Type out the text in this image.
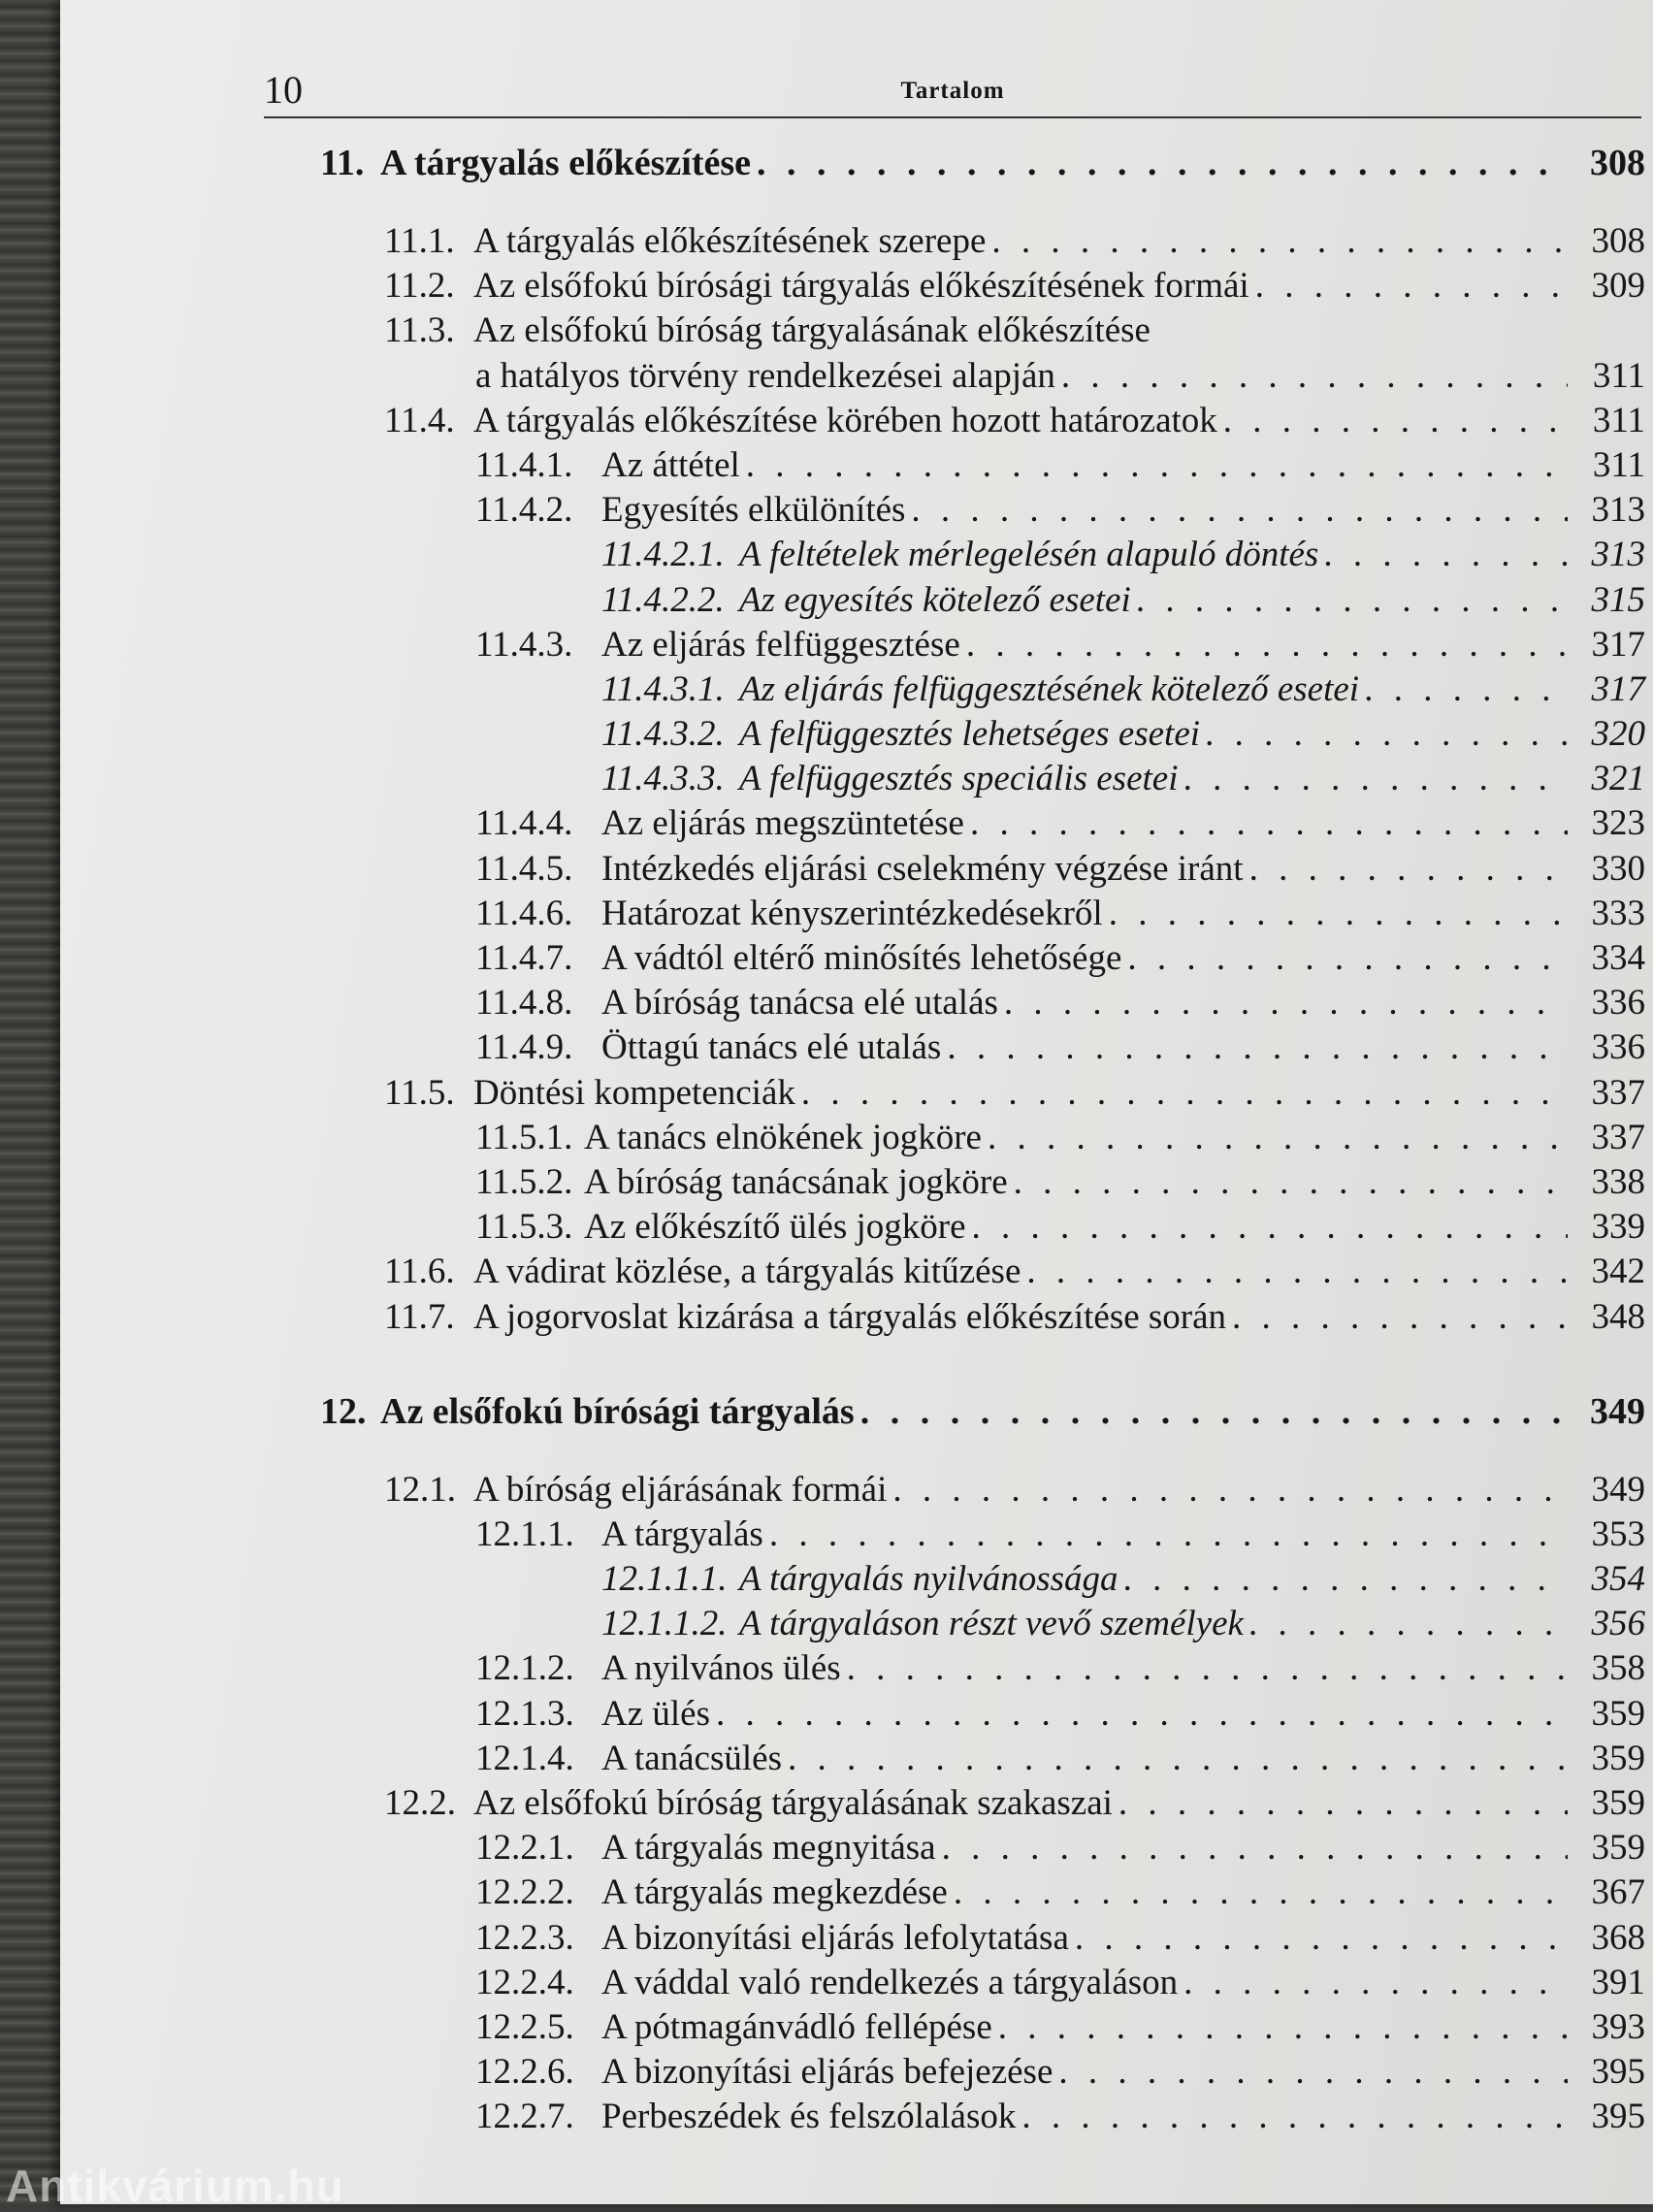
10	Tartalom
11. A tárgyalás előkészítése . . .	308
11.1. A tárgyalás előkészítésének szerepe . . .	308
11.2. Az elsőfokú bírósági tárgyalás előkészítésének formái . . .	309
11.3. Az elsőfokú bíróság tárgyalásának előkészítése
a hatályos törvény rendelkezései alapján . . .	311
11.4. A tárgyalás előkészítése körében hozott határozatok . . .	311
11.4.1. Az áttétel . . .	311
11.4.2. Egyesítés elkülönítés . . .	313
11.4.2.1. A feltételek mérlegelésén alapuló döntés . . .	313
11.4.2.2. Az egyesítés kötelező esetei . . .	315
11.4.3. Az eljárás felfüggesztése . . .	317
11.4.3.1. Az eljárás felfüggesztésének kötelező esetei . . .	317
11.4.3.2. A felfüggesztés lehetséges esetei . . .	320
11.4.3.3. A felfüggesztés speciális esetei . . .	321
11.4.4. Az eljárás megszüntetése . . .	323
11.4.5. Intézkedés eljárási cselekmény végzése iránt . . .	330
11.4.6. Határozat kényszerintézkedésekről . . .	333
11.4.7. A vádtól eltérő minősítés lehetősége . . .	334
11.4.8. A bíróság tanácsa elé utalás . . .	336
11.4.9. Öttagú tanács elé utalás . . .	336
11.5. Döntési kompetenciák . . .	337
11.5.1. A tanács elnökének jogköre . . .	337
11.5.2. A bíróság tanácsának jogköre . . .	338
11.5.3. Az előkészítő ülés jogköre . . .	339
11.6. A vádirat közlése, a tárgyalás kitűzése . . .	342
11.7. A jogorvoslat kizárása a tárgyalás előkészítése során . . .	348
12. Az elsőfokú bírósági tárgyalás . . .	349
12.1. A bíróság eljárásának formái . . .	349
12.1.1. A tárgyalás . . .	353
12.1.1.1. A tárgyalás nyilvánossága . . .	354
12.1.1.2. A tárgyaláson részt vevő személyek . . .	356
12.1.2. A nyilvános ülés . . .	358
12.1.3. Az ülés . . .	359
12.1.4. A tanácsülés . . .	359
12.2. Az elsőfokú bíróság tárgyalásának szakaszai . . .	359
12.2.1. A tárgyalás megnyitása . . .	359
12.2.2. A tárgyalás megkezdése . . .	367
12.2.3. A bizonyítási eljárás lefolytatása . . .	368
12.2.4. A váddal való rendelkezés a tárgyaláson . . .	391
12.2.5. A pótmagánvádló fellépése . . .	393
12.2.6. A bizonyítási eljárás befejezése . . .	395
12.2.7. Perbeszédek és felszólalások . . .	395
Antikvárium.hu
